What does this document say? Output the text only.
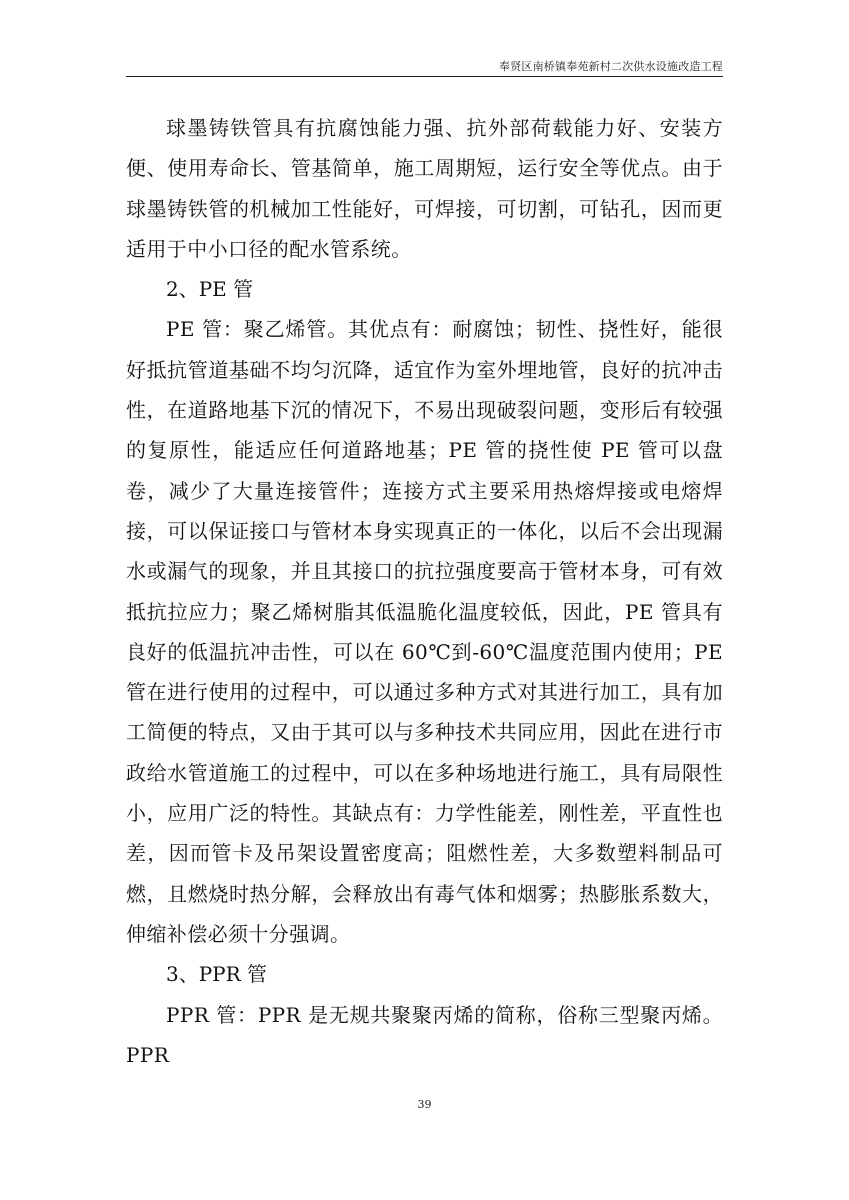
奉贤区南桥镇奉苑新村二次供水设施改造工程

球墨铸铁管具有抗腐蚀能力强、抗外部荷载能力好、安装方便、使用寿命长、管基简单，施工周期短，运行安全等优点。由于球墨铸铁管的机械加工性能好，可焊接，可切割，可钻孔，因而更适用于中小口径的配水管系统。

2、PE 管

PE 管：聚乙烯管。其优点有：耐腐蚀；韧性、挠性好，能很好抵抗管道基础不均匀沉降，适宜作为室外埋地管，良好的抗冲击性，在道路地基下沉的情况下，不易出现破裂问题，变形后有较强的复原性，能适应任何道路地基；PE 管的挠性使 PE 管可以盘卷，减少了大量连接管件；连接方式主要采用热熔焊接或电熔焊接，可以保证接口与管材本身实现真正的一体化，以后不会出现漏水或漏气的现象，并且其接口的抗拉强度要高于管材本身，可有效抵抗拉应力；聚乙烯树脂其低温脆化温度较低，因此，PE 管具有良好的低温抗冲击性，可以在 60℃到-60℃温度范围内使用；PE 管在进行使用的过程中，可以通过多种方式对其进行加工，具有加工简便的特点，又由于其可以与多种技术共同应用，因此在进行市政给水管道施工的过程中，可以在多种场地进行施工，具有局限性小，应用广泛的特性。其缺点有：力学性能差，刚性差，平直性也差，因而管卡及吊架设置密度高；阻燃性差，大多数塑料制品可燃，且燃烧时热分解，会释放出有毒气体和烟雾；热膨胀系数大，伸缩补偿必须十分强调。

3、PPR 管

PPR 管：PPR 是无规共聚聚丙烯的简称，俗称三型聚丙烯。PPR

39
